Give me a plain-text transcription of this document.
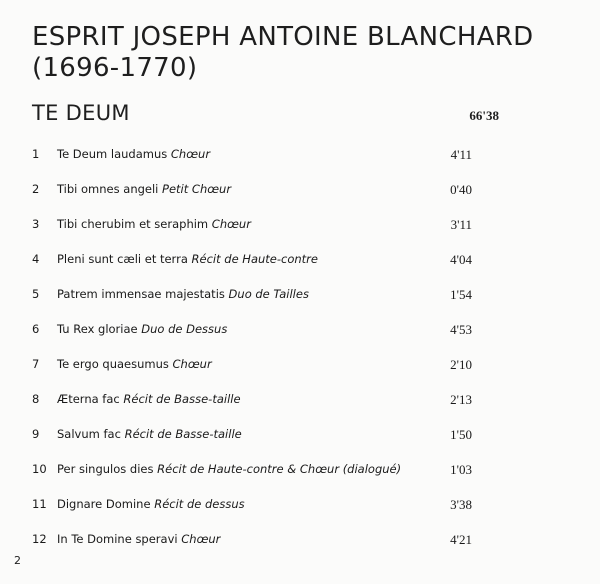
ESPRIT JOSEPH ANTOINE BLANCHARD
(1696-1770)
TE DEUM	66'38
1 Te Deum laudamus Chœur	4'11
2 Tibi omnes angeli Petit Chœur	0'40
3 Tibi cherubim et seraphim Chœur	3'11
4 Pleni sunt cæli et terra Récit de Haute-contre	4'04
5 Patrem immensae majestatis Duo de Tailles	1'54
6 Tu Rex gloriae Duo de Dessus	4'53
7 Te ergo quaesumus Chœur	2'10
8 Æterna fac Récit de Basse-taille	2'13
9 Salvum fac Récit de Basse-taille	1'50
10 Per singulos dies Récit de Haute-contre & Chœur (dialogué)	1'03
11 Dignare Domine Récit de dessus	3'38
12 In Te Domine speravi Chœur	4'21
2
